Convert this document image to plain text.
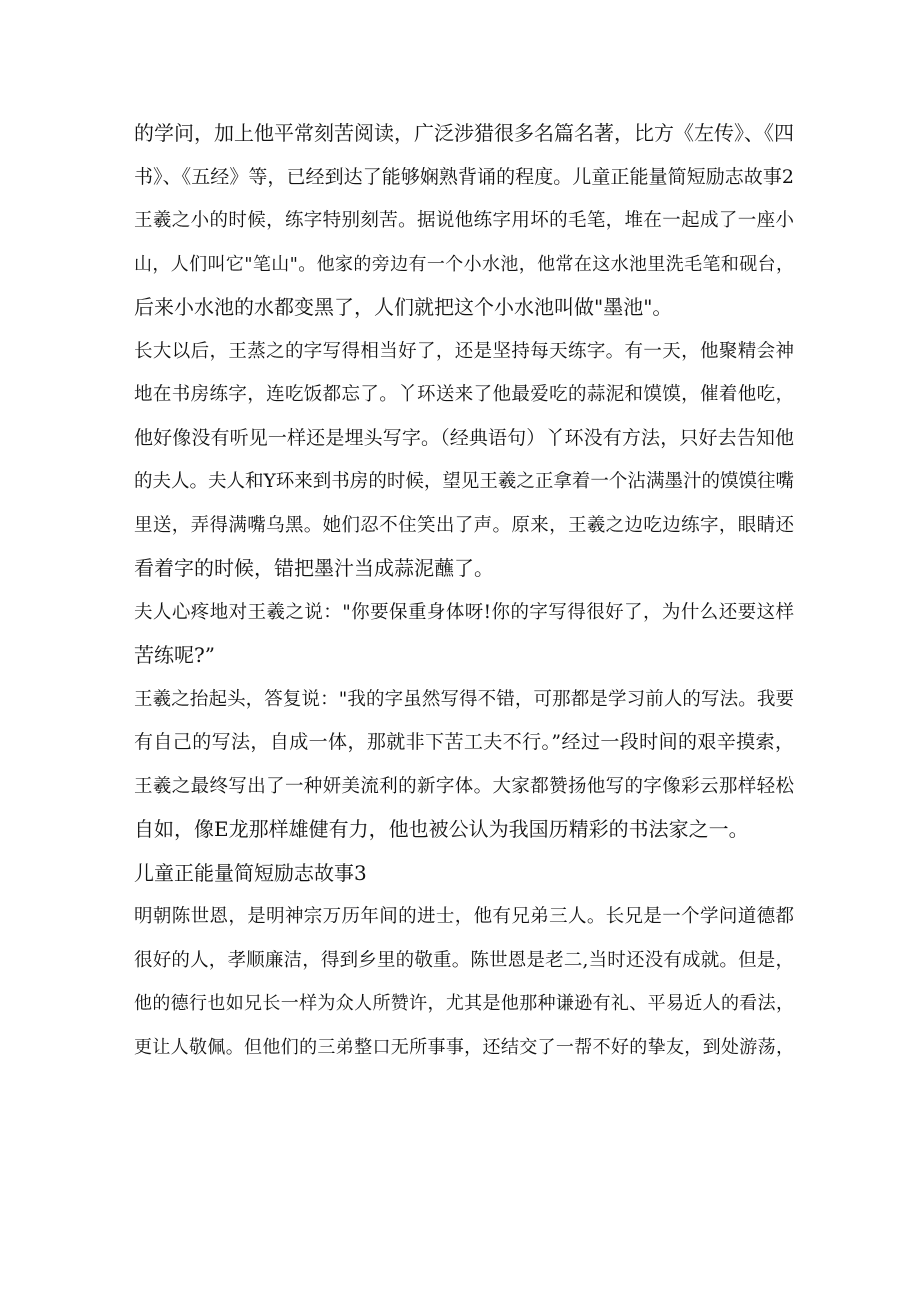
的学问，加上他平常刻苦阅读，广泛涉猎很多名篇名著，比方《左传》、《四
书》、《五经》等，已经到达了能够娴熟背诵的程度。儿童正能量简短励志故事2
王羲之小的时候，练字特别刻苦。据说他练字用坏的毛笔，堆在一起成了一座小
山，人们叫它"笔山"。他家的旁边有一个小水池，他常在这水池里洗毛笔和砚台，
后来小水池的水都变黑了，人们就把这个小水池叫做"墨池"。
长大以后，王蒸之的字写得相当好了，还是坚持每天练字。有一天，他聚精会神
地在书房练字，连吃饭都忘了。丫环送来了他最爱吃的蒜泥和馍馍，催着他吃，
他好像没有听见一样还是埋头写字。（经典语句）丫环没有方法，只好去告知他
的夫人。夫人和Y环来到书房的时候，望见王羲之正拿着一个沾满墨汁的馍馍往嘴
里送，弄得满嘴乌黑。她们忍不住笑出了声。原来，王羲之边吃边练字，眼睛还
看着字的时候，错把墨汁当成蒜泥蘸了。
夫人心疼地对王羲之说："你要保重身体呀!你的字写得很好了，为什么还要这样
苦练呢?”
王羲之抬起头，答复说："我的字虽然写得不错，可那都是学习前人的写法。我要
有自己的写法，自成一体，那就非下苦工夫不行。”经过一段时间的艰辛摸索，
王羲之最终写出了一种妍美流利的新字体。大家都赞扬他写的字像彩云那样轻松
自如，像E龙那样雄健有力，他也被公认为我国历精彩的书法家之一。
儿童正能量简短励志故事3
明朝陈世恩，是明神宗万历年间的进士，他有兄弟三人。长兄是一个学问道德都
很好的人，孝顺廉洁，得到乡里的敬重。陈世恩是老二,当时还没有成就。但是，
他的德行也如兄长一样为众人所赞许，尤其是他那种谦逊有礼、平易近人的看法，
更让人敬佩。但他们的三弟整口无所事事，还结交了一帮不好的挚友，到处游荡，
